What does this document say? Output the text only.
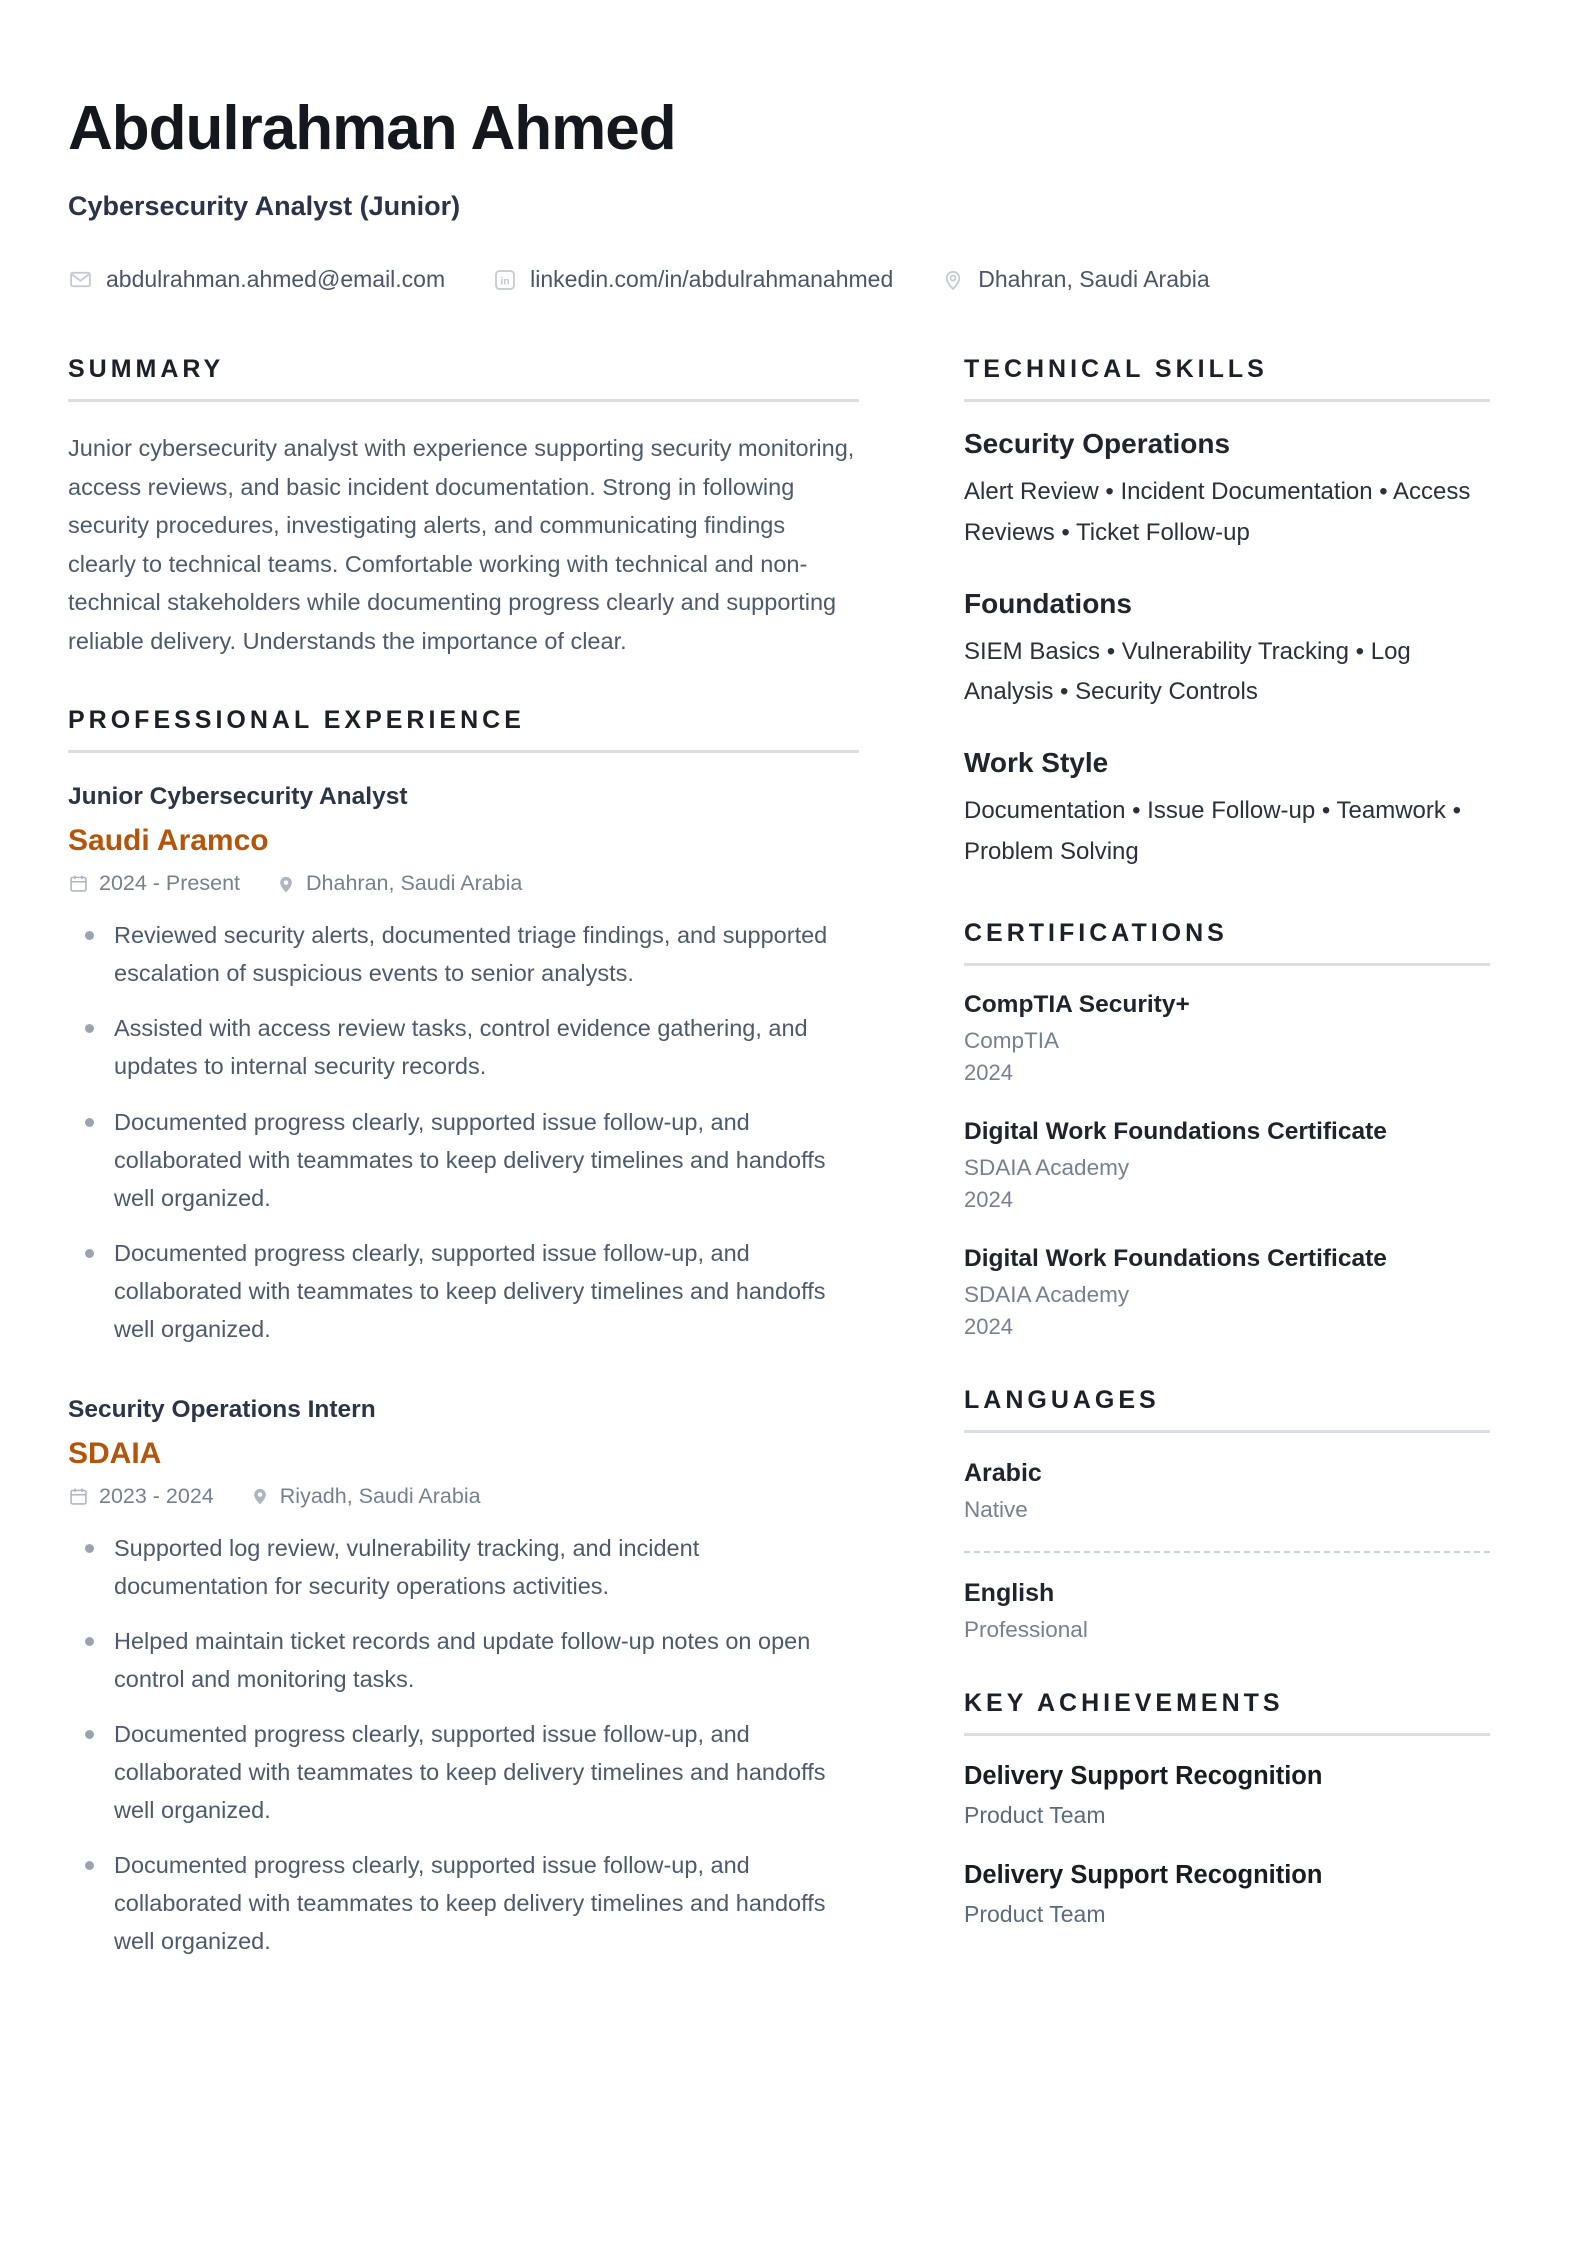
Abdulrahman Ahmed
Cybersecurity Analyst (Junior)
abdulrahman.ahmed@email.com	in linkedin.com/in/abdulrahmanahmed	Dhahran, Saudi Arabia
SUMMARY

Junior cybersecurity analyst with experience supporting security monitoring, access reviews, and basic incident documentation. Strong in following security procedures, investigating alerts, and communicating findings clearly to technical teams. Comfortable working with technical and non-technical stakeholders while documenting progress clearly and supporting reliable delivery. Understands the importance of clear.

PROFESSIONAL EXPERIENCE
Junior Cybersecurity Analyst
Saudi Aramco
2024 - Present	Dhahran, Saudi Arabia
Reviewed security alerts, documented triage findings, and supported escalation of suspicious events to senior analysts.
Assisted with access review tasks, control evidence gathering, and updates to internal security records.
Documented progress clearly, supported issue follow-up, and collaborated with teammates to keep delivery timelines and handoffs well organized.
Documented progress clearly, supported issue follow-up, and collaborated with teammates to keep delivery timelines and handoffs well organized.
Security Operations Intern
SDAIA
2023 - 2024	Riyadh, Saudi Arabia
Supported log review, vulnerability tracking, and incident documentation for security operations activities.
Helped maintain ticket records and update follow-up notes on open control and monitoring tasks.
Documented progress clearly, supported issue follow-up, and collaborated with teammates to keep delivery timelines and handoffs well organized.
Documented progress clearly, supported issue follow-up, and collaborated with teammates to keep delivery timelines and handoffs well organized.
TECHNICAL SKILLS
Security Operations
Alert Review • Incident Documentation • Access Reviews • Ticket Follow-up
Foundations
SIEM Basics • Vulnerability Tracking • Log Analysis • Security Controls
Work Style
Documentation • Issue Follow-up • Teamwork • Problem Solving
CERTIFICATIONS
CompTIA Security+
CompTIA
2024
Digital Work Foundations Certificate
SDAIA Academy
2024
Digital Work Foundations Certificate
SDAIA Academy
2024
LANGUAGES
Arabic
Native
English
Professional
KEY ACHIEVEMENTS
Delivery Support Recognition
Product Team
Delivery Support Recognition
Product Team
